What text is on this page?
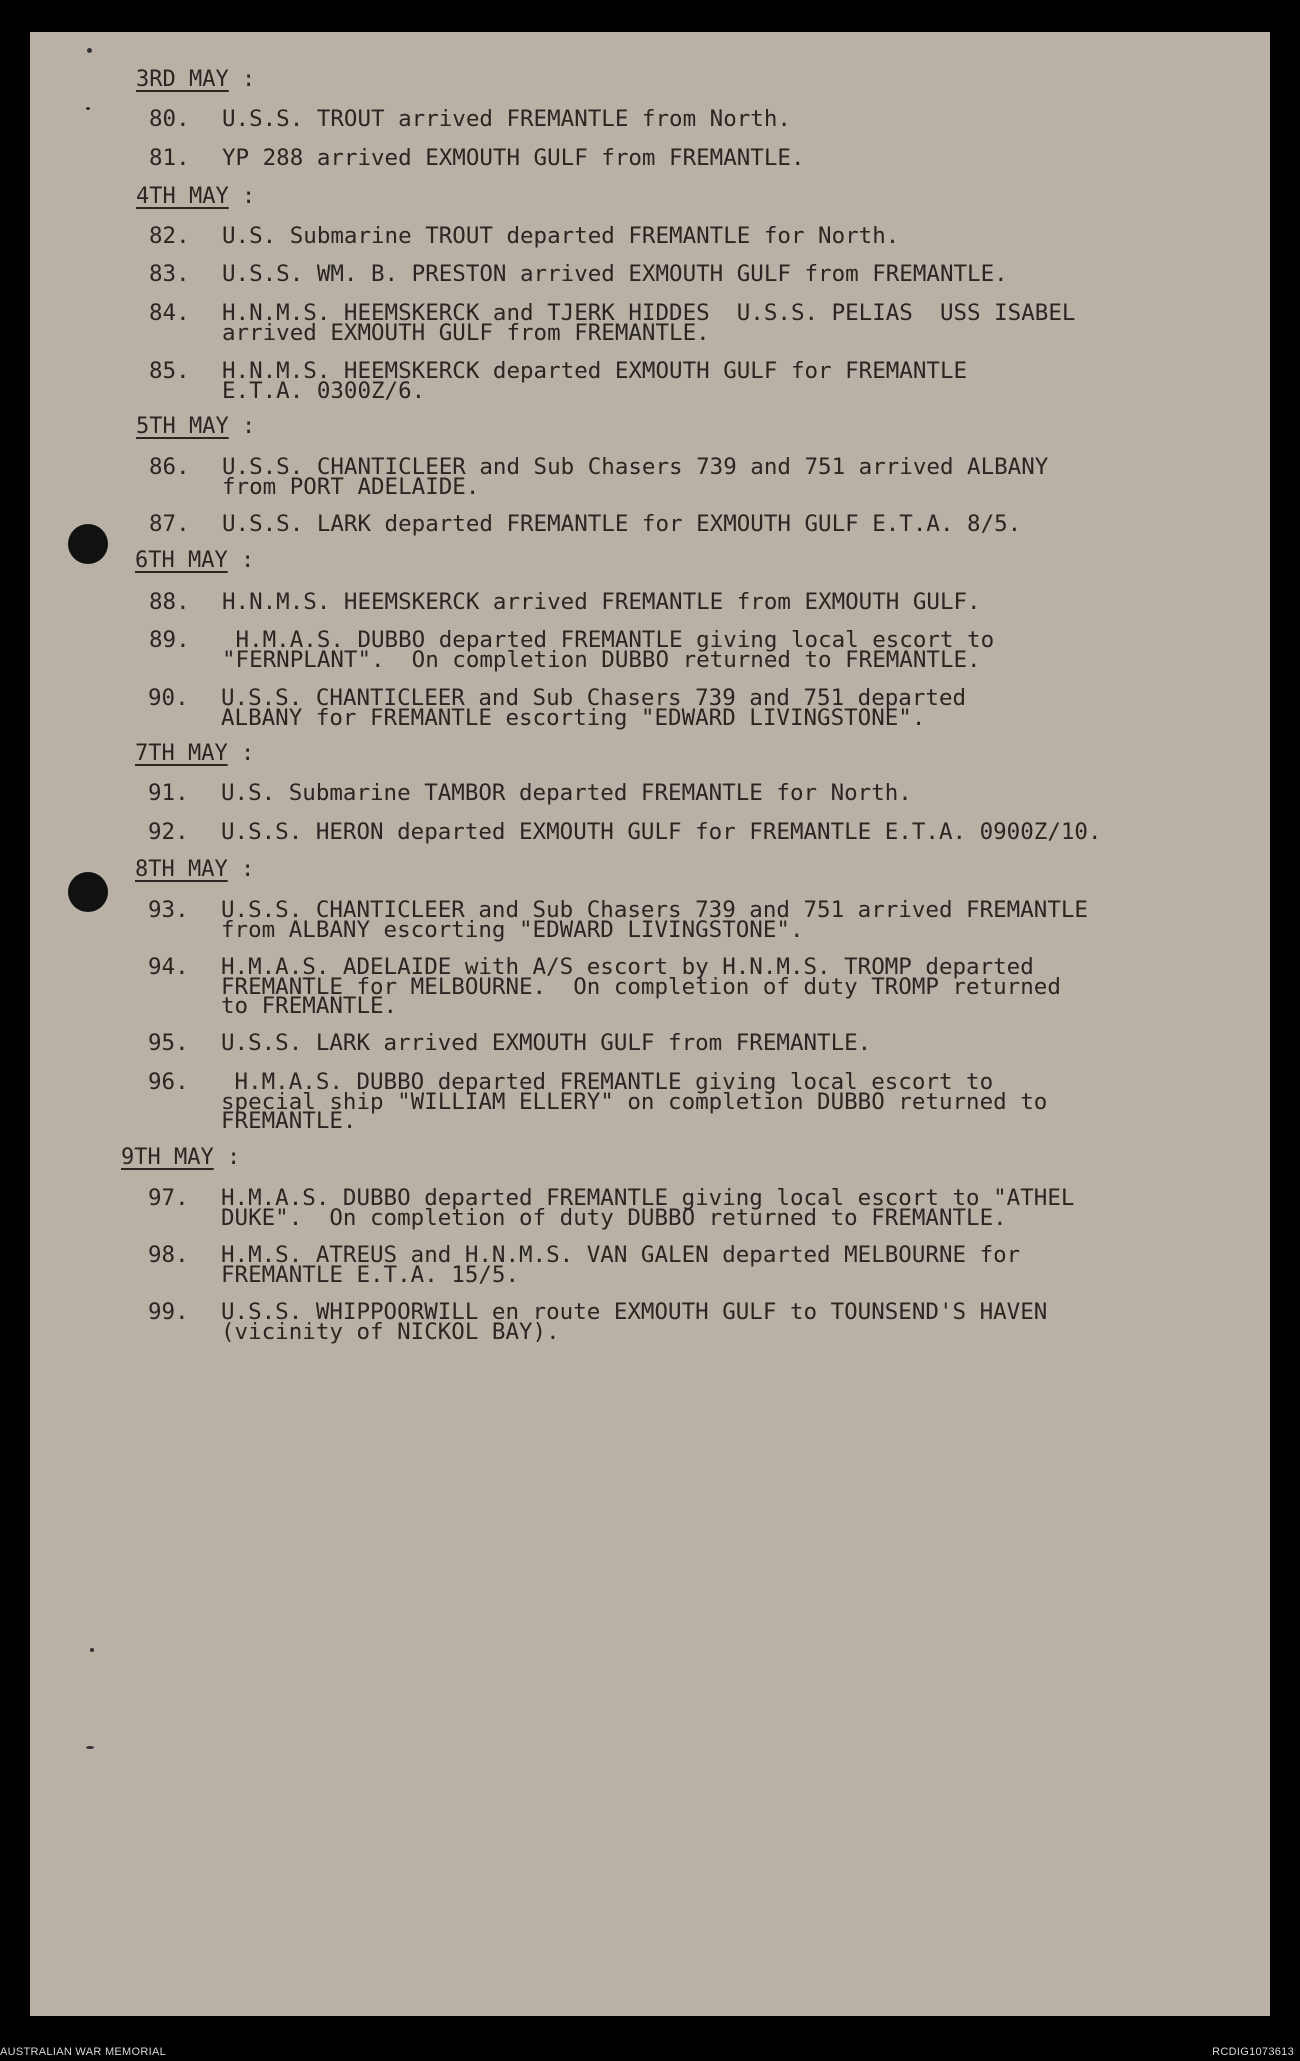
3RD MAY :
80. U.S.S. TROUT arrived FREMANTLE from North.
81. YP 288 arrived EXMOUTH GULF from FREMANTLE.
4TH MAY :
82. U.S. Submarine TROUT departed FREMANTLE for North.
83. U.S.S. WM. B. PRESTON arrived EXMOUTH GULF from FREMANTLE.
84. H.N.M.S. HEEMSKERCK and TJERK HIDDES  U.S.S. PELIAS  USS ISABEL
arrived EXMOUTH GULF from FREMANTLE.
85. H.N.M.S. HEEMSKERCK departed EXMOUTH GULF for FREMANTLE
E.T.A. 0300Z/6.
5TH MAY :
86. U.S.S. CHANTICLEER and Sub Chasers 739 and 751 arrived ALBANY
from PORT ADELAIDE.
87. U.S.S. LARK departed FREMANTLE for EXMOUTH GULF E.T.A. 8/5.
6TH MAY :
88. H.N.M.S. HEEMSKERCK arrived FREMANTLE from EXMOUTH GULF.
89. H.M.A.S. DUBBO departed FREMANTLE giving local escort to
"FERNPLANT".  On completion DUBBO returned to FREMANTLE.
90. U.S.S. CHANTICLEER and Sub Chasers 739 and 751 departed
ALBANY for FREMANTLE escorting "EDWARD LIVINGSTONE".
7TH MAY :
91. U.S. Submarine TAMBOR departed FREMANTLE for North.
92. U.S.S. HERON departed EXMOUTH GULF for FREMANTLE E.T.A. 0900Z/10.
8TH MAY :
93. U.S.S. CHANTICLEER and Sub Chasers 739 and 751 arrived FREMANTLE
from ALBANY escorting "EDWARD LIVINGSTONE".
94. H.M.A.S. ADELAIDE with A/S escort by H.N.M.S. TROMP departed
FREMANTLE for MELBOURNE.  On completion of duty TROMP returned
to FREMANTLE.
95. U.S.S. LARK arrived EXMOUTH GULF from FREMANTLE.
96. H.M.A.S. DUBBO departed FREMANTLE giving local escort to
special ship "WILLIAM ELLERY" on completion DUBBO returned to
FREMANTLE.
9TH MAY :
97. H.M.A.S. DUBBO departed FREMANTLE giving local escort to "ATHEL
DUKE".  On completion of duty DUBBO returned to FREMANTLE.
98. H.M.S. ATREUS and H.N.M.S. VAN GALEN departed MELBOURNE for
FREMANTLE E.T.A. 15/5.
99. U.S.S. WHIPPOORWILL en route EXMOUTH GULF to TOUNSEND'S HAVEN
(vicinity of NICKOL BAY).
AUSTRALIAN WAR MEMORIAL	RCDIG1073613
